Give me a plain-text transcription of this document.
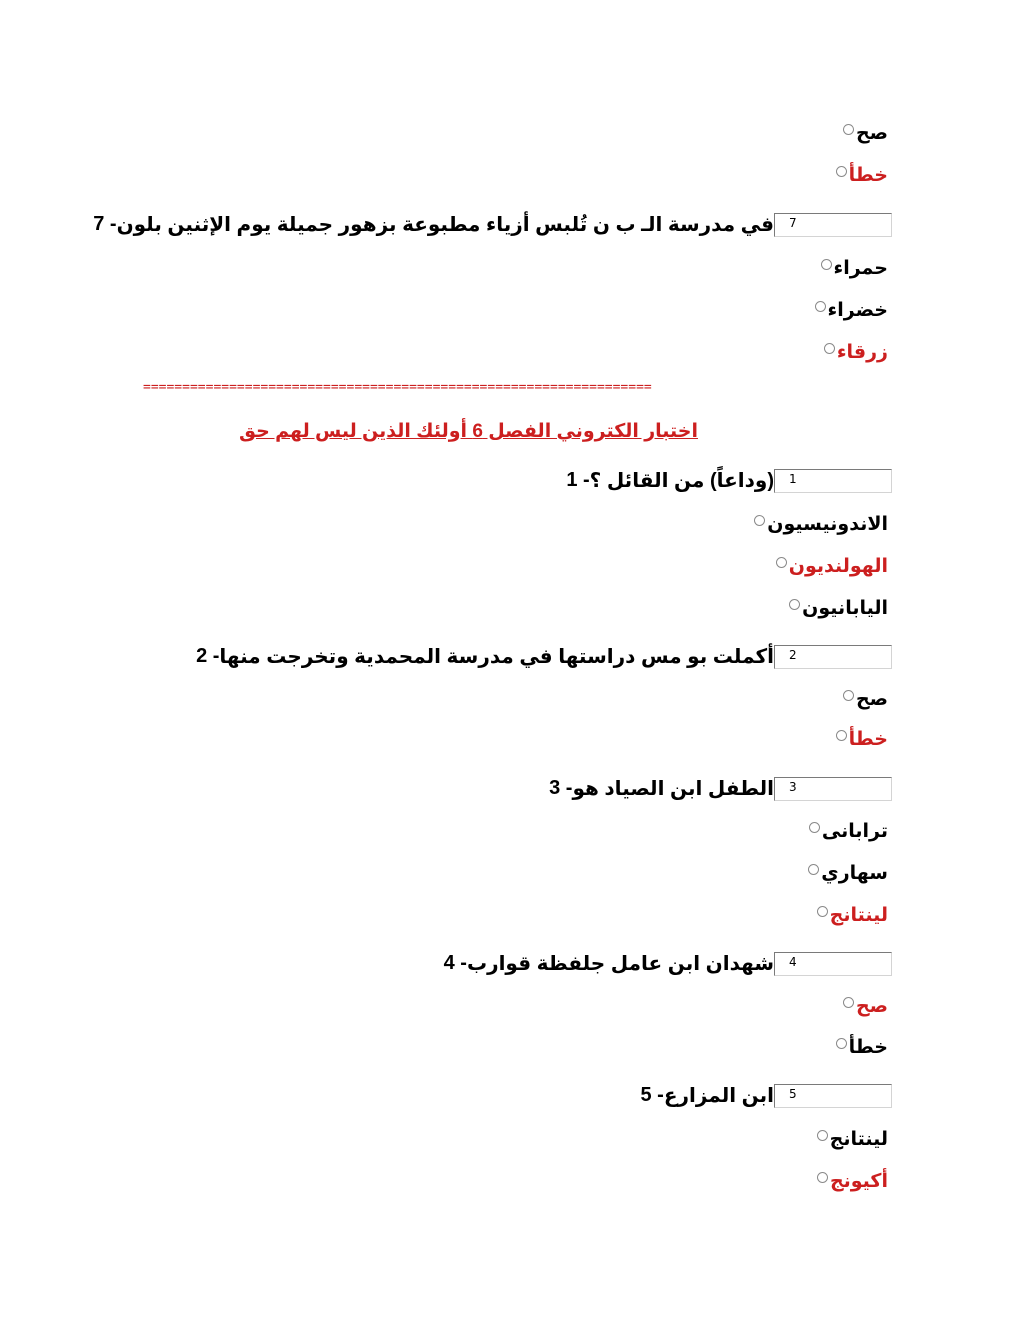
صح
خطأ
7 - في مدرسة الـ ب ن تُلبس أزياء مطبوعة بزهور جميلة يوم الإثنين بلون 7
حمراء
خضراء
زرقاء
=================================================================
اختبار الكتروني الفصل 6 أولئك الذين ليس لهم حق
1 - (وداعاً) من القائل ؟ 1
الاندونيسيون
الهولنديون
اليابانيون
2 - أكملت بو مس دراستها في مدرسة المحمدية وتخرجت منها 2
صح
خطأ
3 - الطفل ابن الصياد هو 3
ترابانى
سهاري
لينتانج
4 - شهدان ابن عامل جلفظة قوارب 4
صح
خطأ
5 - ابن المزارع 5
لينتانج
أكيونج
